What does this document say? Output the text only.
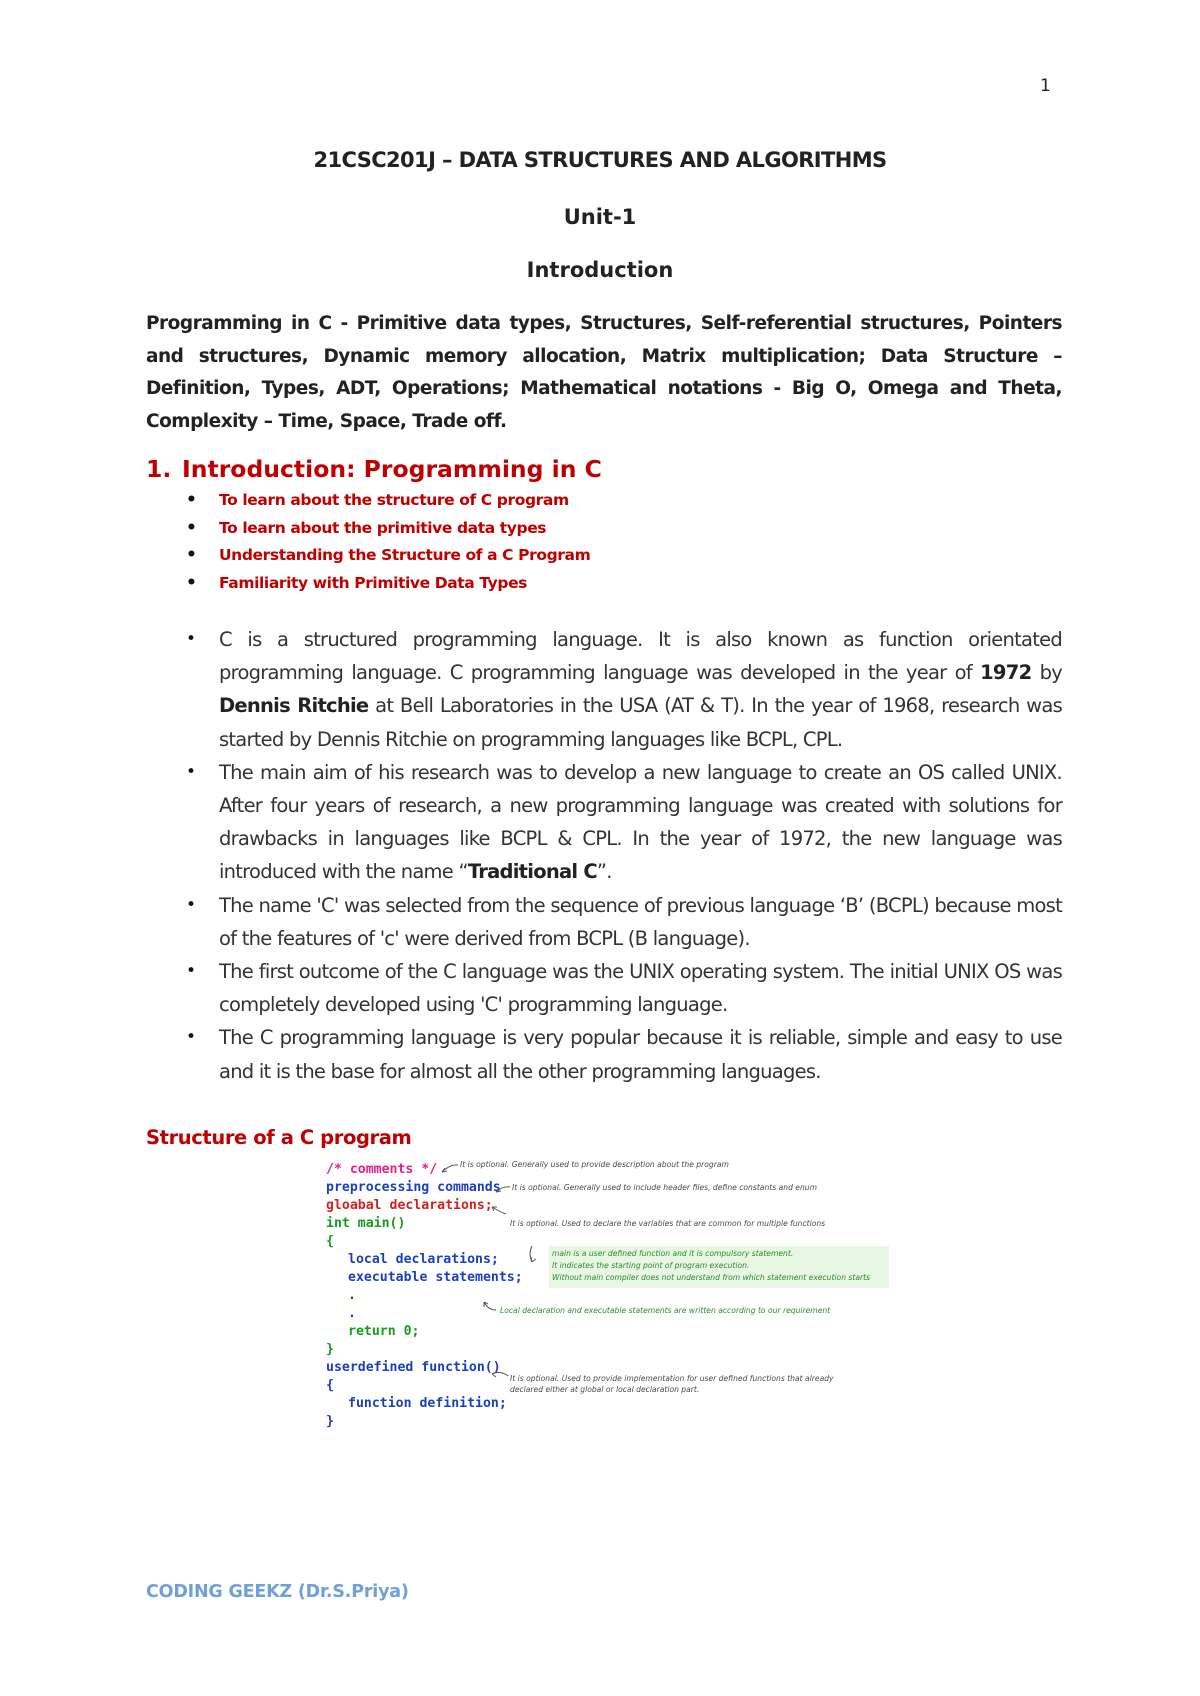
1
21CSC201J – DATA STRUCTURES AND ALGORITHMS
Unit-1
Introduction

Programming in C - Primitive data types, Structures, Self-referential structures, Pointers and structures, Dynamic memory allocation, Matrix multiplication; Data Structure – Definition, Types, ADT, Operations; Mathematical notations - Big O, Omega and Theta, Complexity – Time, Space, Trade off.

1. Introduction: Programming in C
• To learn about the structure of C program
• To learn about the primitive data types
• Understanding the Structure of a C Program
• Familiarity with Primitive Data Types
• C is a structured programming language. It is also known as function orientated programming language. C programming language was developed in the year of 1972 by Dennis Ritchie at Bell Laboratories in the USA (AT & T). In the year of 1968, research was started by Dennis Ritchie on programming languages like BCPL, CPL.
• The main aim of his research was to develop a new language to create an OS called UNIX. After four years of research, a new programming language was created with solutions for drawbacks in languages like BCPL & CPL. In the year of 1972, the new language was introduced with the name “Traditional C”.
• The name 'C' was selected from the sequence of previous language ‘B’ (BCPL) because most of the features of 'c' were derived from BCPL (B language).
• The first outcome of the C language was the UNIX operating system. The initial UNIX OS was completely developed using 'C' programming language.
• The C programming language is very popular because it is reliable, simple and easy to use and it is the base for almost all the other programming languages.
Structure of a C program
/* comments */
preprocessing commands
gloabal declarations;
int main()
{
local declarations;
executable statements;
.
.
return 0;
}
userdefined function()
{
function definition;
}
It is optional. Generally used to provide description about the program
It is optional. Generally used to include header files, define constants and enum
It is optional. Used to declare the variables that are common for multiple functions
main is a user defined function and it is compulsory statement.
It indicates the starting point of program execution.
Without main compiler does not understand from which statement execution starts
Local declaration and executable statements are written according to our requirement
It is optional. Used to provide implementation for user defined functions that already
declared either at global or local declaration part.
CODING GEEKZ (Dr.S.Priya)
